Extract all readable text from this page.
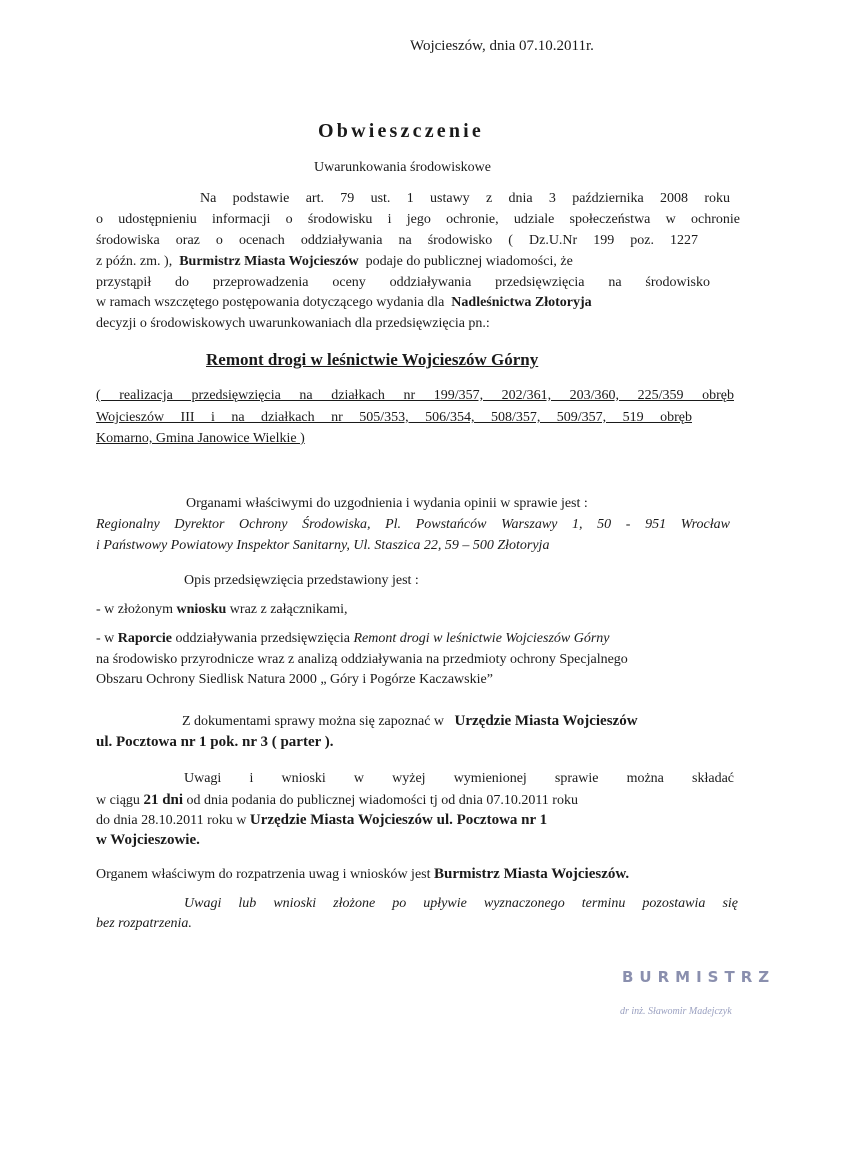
Wojcieszów, dnia 07.10.2011r.
Obwieszczenie
Uwarunkowania środowiskowe
Na podstawie art. 79 ust. 1 ustawy z dnia 3 października 2008 roku
o udostępnieniu informacji o środowisku i jego ochronie, udziale społeczeństwa w ochronie
środowiska oraz o ocenach oddziaływania na środowisko ( Dz.U.Nr 199 poz. 1227
z późn. zm. ), Burmistrz Miasta Wojcieszów podaje do publicznej wiadomości, że
przystąpił do przeprowadzenia oceny oddziaływania przedsięwzięcia na środowisko
w ramach wszczętego postępowania dotyczącego wydania dla Nadleśnictwa Złotoryja
decyzji o środowiskowych uwarunkowaniach dla przedsięwzięcia pn.:
Remont drogi w leśnictwie Wojcieszów Górny
( realizacja przedsięwzięcia na działkach nr 199/357, 202/361, 203/360, 225/359 obręb
Wojcieszów III i na działkach nr 505/353, 506/354, 508/357, 509/357, 519 obręb
Komarno, Gmina Janowice Wielkie )
Organami właściwymi do uzgodnienia i wydania opinii w sprawie jest :
Regionalny Dyrektor Ochrony Środowiska, Pl. Powstańców Warszawy 1, 50 - 951 Wrocław
i Państwowy Powiatowy Inspektor Sanitarny, Ul. Staszica 22, 59 – 500 Złotoryja
Opis przedsięwzięcia przedstawiony jest :
- w złożonym wniosku wraz z załącznikami,
- w Raporcie oddziaływania przedsięwzięcia Remont drogi w leśnictwie Wojcieszów Górny
na środowisko przyrodnicze wraz z analizą oddziaływania na przedmioty ochrony Specjalnego
Obszaru Ochrony Siedlisk Natura 2000 „ Góry i Pogórze Kaczawskie”
Z dokumentami sprawy można się zapoznać w Urzędzie Miasta Wojcieszów
ul. Pocztowa nr 1 pok. nr 3 ( parter ).
Uwagi i wnioski w wyżej wymienionej sprawie można składać
w ciągu 21 dni od dnia podania do publicznej wiadomości tj od dnia 07.10.2011 roku
do dnia 28.10.2011 roku w Urzędzie Miasta Wojcieszów ul. Pocztowa nr 1
w Wojcieszowie.
Organem właściwym do rozpatrzenia uwag i wniosków jest Burmistrz Miasta Wojcieszów.
Uwagi lub wnioski złożone po upływie wyznaczonego terminu pozostawia się
bez rozpatrzenia.
BURMISTRZ
dr inż. Sławomir Madejczyk
